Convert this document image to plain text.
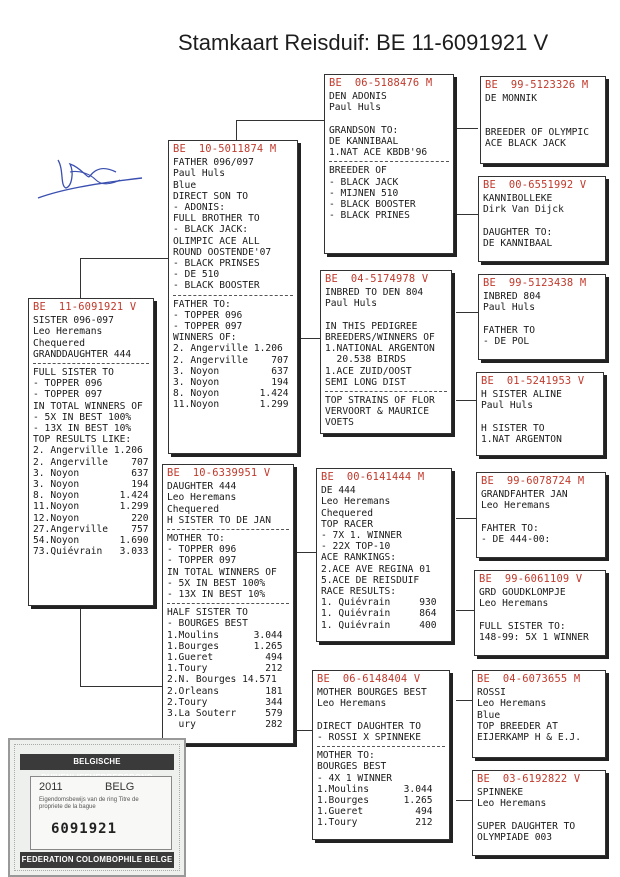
Stamkaart Reisduif: BE 11-6091921 V
BE  11-6091921 V
SISTER 096-097
Leo Heremans
Chequered
GRANDDAUGHTER 444
FULL SISTER TO
- TOPPER 096
- TOPPER 097
IN TOTAL WINNERS OF
- 5X IN BEST 100%
- 13X IN BEST 10%
TOP RESULTS LIKE:
2. Angerville 1.206
2. Angerville    707
3. Noyon         637
3. Noyon         194
8. Noyon       1.424
11.Noyon       1.299
12.Noyon         220
27.Angerville    757
54.Noyon       1.690
73.Quiévrain   3.033
BE  10-5011874 M
FATHER 096/097
Paul Huls
Blue
DIRECT SON TO
- ADONIS:
FULL BROTHER TO
- BLACK JACK:
OLIMPIC ACE ALL
ROUND OOSTENDE'07
- BLACK PRINSES
- DE 510
- BLACK BOOSTER
FATHER TO:
- TOPPER 096
- TOPPER 097
WINNERS OF:
2. Angerville 1.206
2. Angerville    707
3. Noyon         637
3. Noyon         194
8. Noyon       1.424
11.Noyon       1.299
BE  10-6339951 V
DAUGHTER 444
Leo Heremans
Chequered
H SISTER TO DE JAN
MOTHER TO:
- TOPPER 096
- TOPPER 097
IN TOTAL WINNERS OF
- 5X IN BEST 100%
- 13X IN BEST 10%
HALF SISTER TO
- BOURGES BEST
1.Moulins      3.044
1.Bourges      1.265
1.Gueret         494
1.Toury          212
2.N. Bourges 14.571
2.Orleans        181
2.Toury          344
3.La Souterr     579
ury            282
BE  06-5188476 M
DEN ADONIS
Paul Huls

GRANDSON TO:
DE KANNIBAAL
1.NAT ACE KBDB'96
BREEDER OF
- BLACK JACK
- MIJNEN 510
- BLACK BOOSTER
- BLACK PRINES
BE  04-5174978 V
INBRED TO DEN 804
Paul Huls

IN THIS PEDIGREE
BREEDERS/WINNERS OF
1.NATIONAL ARGENTON
20.538 BIRDS
1.ACE ZUID/OOST
SEMI LONG DIST
TOP STRAINS OF FLOR
VERVOORT & MAURICE
VOETS
BE  00-6141444 M
DE 444
Leo Heremans
Chequered
TOP RACER
- 7X 1. WINNER
- 22X TOP-10
ACE RANKINGS:
2.ACE AVE REGINA 01
5.ACE DE REISDUIF
RACE RESULTS:
1. Quiévrain     930
1. Quiévrain     864
1. Quiévrain     400
BE  06-6148404 V
MOTHER BOURGES BEST
Leo Heremans

DIRECT DAUGHTER TO
- ROSSI X SPINNEKE
MOTHER TO:
BOURGES BEST
- 4X 1 WINNER
1.Moulins      3.044
1.Bourges      1.265
1.Gueret         494
1.Toury          212
BE  99-5123326 M
DE MONNIK

BREEDER OF OLYMPIC
ACE BLACK JACK
BE  00-6551992 V
KANNIBOLLEKE
Dirk Van Dijck

DAUGHTER TO:
DE KANNIBAAL
BE  99-5123438 M
INBRED 804
Paul Huls

FATHER TO
- DE POL
BE  01-5241953 V
H SISTER ALINE
Paul Huls

H SISTER TO
1.NAT ARGENTON
BE  99-6078724 M
GRANDFAHTER JAN
Leo Heremans

FAHTER TO:
- DE 444-00:
BE  99-6061109 V
GRD GOUDKLOMPJE
Leo Heremans

FULL SISTER TO:
148-99: 5X 1 WINNER
BE  04-6073655 M
ROSSI
Leo Heremans
Blue
TOP BREEDER AT
EIJERKAMP H & E.J.
BE  03-6192822 V
SPINNEKE
Leo Heremans

SUPER DAUGHTER TO
OLYMPIADE 003
BELGISCHE
2011	BELG
Eigendomsbewijs van de ring Titre de propriete de la bague
6091921
FEDERATION COLOMBOPHILE BELGE
